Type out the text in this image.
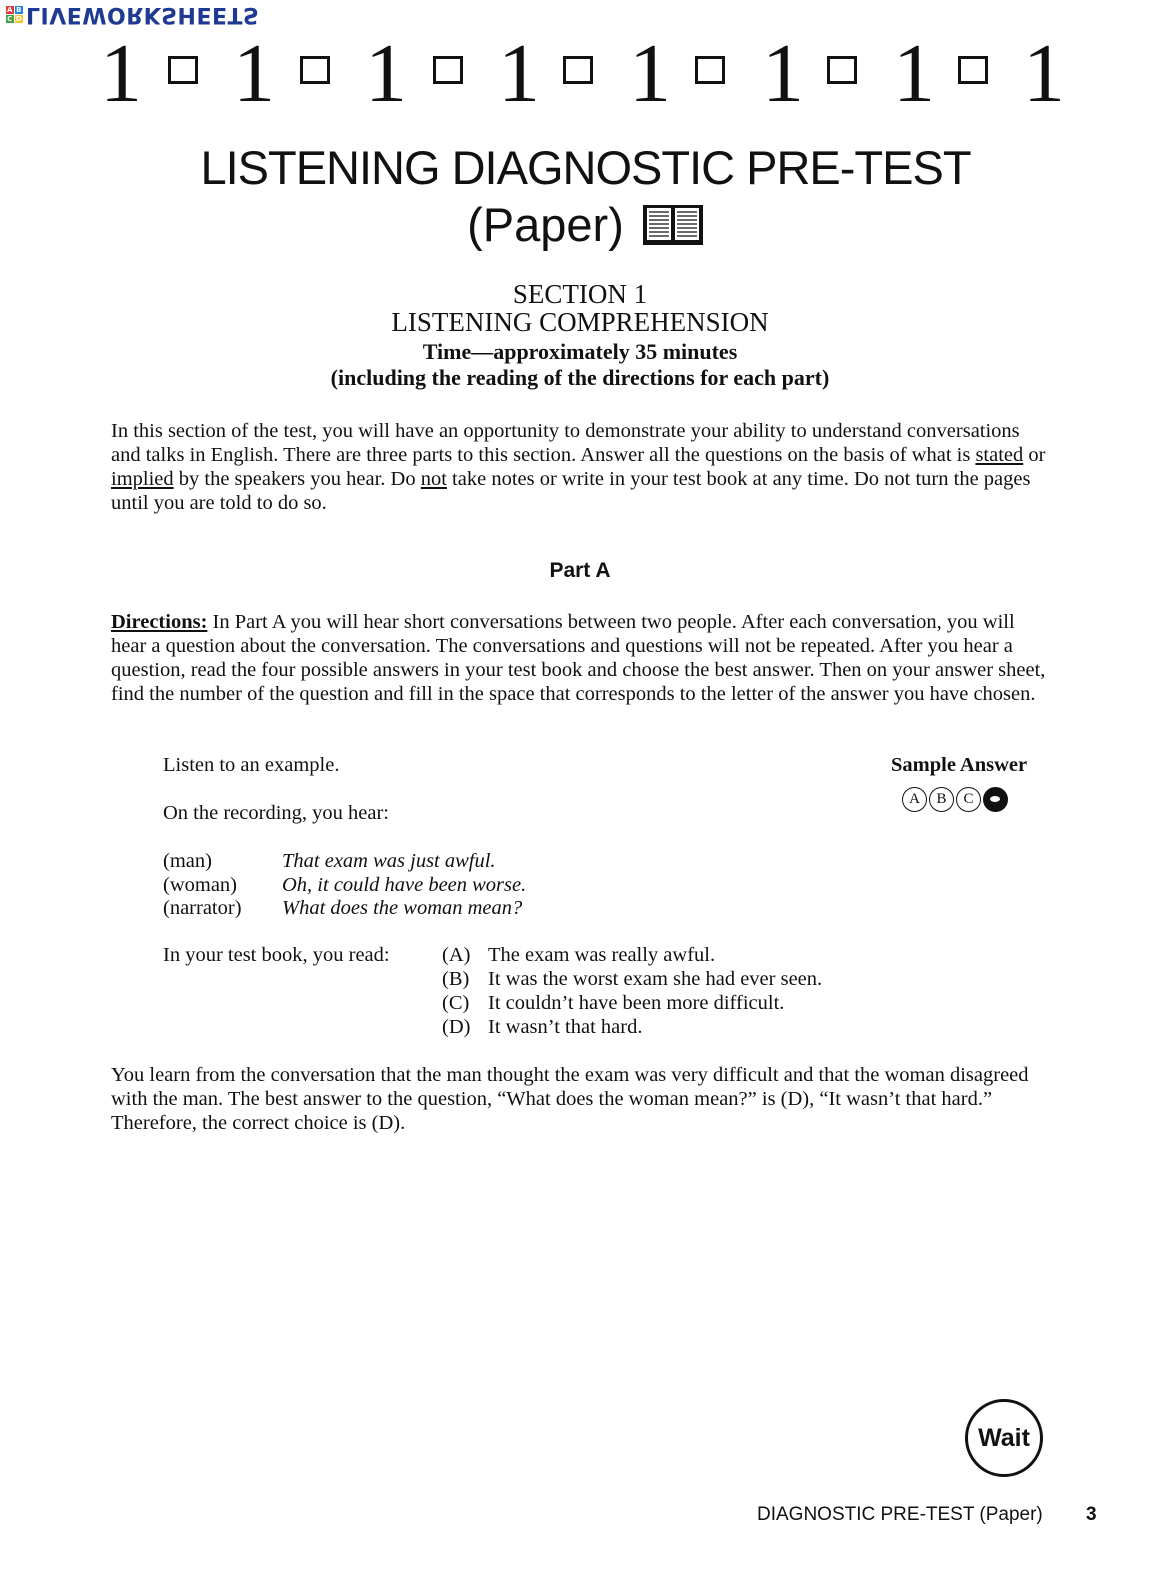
A B
C D LIVEWORKSHEETS
1 1 1 1 1 1 1 1
LISTENING DIAGNOSTIC PRE-TEST
(Paper)
SECTION 1
LISTENING COMPREHENSION
Time—approximately 35 minutes
(including the reading of the directions for each part)
In this section of the test, you will have an opportunity to demonstrate your ability to understand conversations and talks in English. There are three parts to this section. Answer all the questions on the basis of what is stated or implied by the speakers you hear. Do not take notes or write in your test book at any time. Do not turn the pages until you are told to do so.
Part A
Directions: In Part A you will hear short conversations between two people. After each conversation, you will hear a question about the conversation. The conversations and questions will not be repeated. After you hear a question, read the four possible answers in your test book and choose the best answer. Then on your answer sheet, find the number of the question and fill in the space that corresponds to the letter of the answer you have chosen.
Listen to an example.	Sample Answer
A	B	C
On the recording, you hear:
(man)	That exam was just awful.
(woman) Oh, it could have been worse.
(narrator) What does the woman mean?
In your test book, you read:	(A) The exam was really awful.
(B) It was the worst exam she had ever seen.
(C) It couldn’t have been more difficult.
(D) It wasn’t that hard.
You learn from the conversation that the man thought the exam was very difficult and that the woman disagreed with the man. The best answer to the question, “What does the woman mean?” is (D), “It wasn’t that hard.” Therefore, the correct choice is (D).
Wait
DIAGNOSTIC PRE-TEST (Paper) 3
